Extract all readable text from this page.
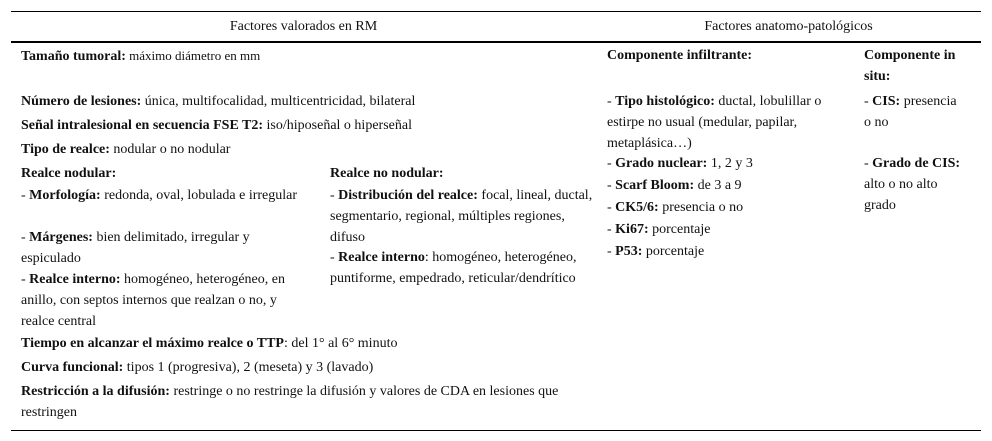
Factores valorados en RM	Factores anatomo-patológicos

Tamaño tumoral: máximo diámetro en mm

Número de lesiones: única, multifocalidad, multicentricidad, bilateral

Señal intralesional en secuencia FSE T2: iso/hiposeñal o hiperseñal

Tipo de realce: nodular o no nodular

Realce nodular:

- Morfología: redonda, oval, lobulada e irregular

- Márgenes: bien delimitado, irregular y espiculado

- Realce interno: homogéneo, heterogéneo, en anillo, con septos internos que realzan o no, y realce central

Realce no nodular:

- Distribución del realce: focal, lineal, ductal, segmentario, regional, múltiples regiones, difuso

- Realce interno: homogéneo, heterogéneo, puntiforme, empedrado, reticular/dendrítico

Tiempo en alcanzar el máximo realce o TTP: del 1° al 6° minuto

Curva funcional: tipos 1 (progresiva), 2 (meseta) y 3 (lavado)

Restricción a la difusión: restringe o no restringe la difusión y valores de CDA en lesiones que restringen

Componente infiltrante:

- Tipo histológico: ductal, lobulillar o estirpe no usual (medular, papilar, metaplásica…)

- Grado nuclear: 1, 2 y 3

- Scarf Bloom: de 3 a 9

- CK5/6: presencia o no

- Ki67: porcentaje

- P53: porcentaje

Componente in situ:

- CIS: presencia o no

- Grado de CIS: alto o no alto grado
